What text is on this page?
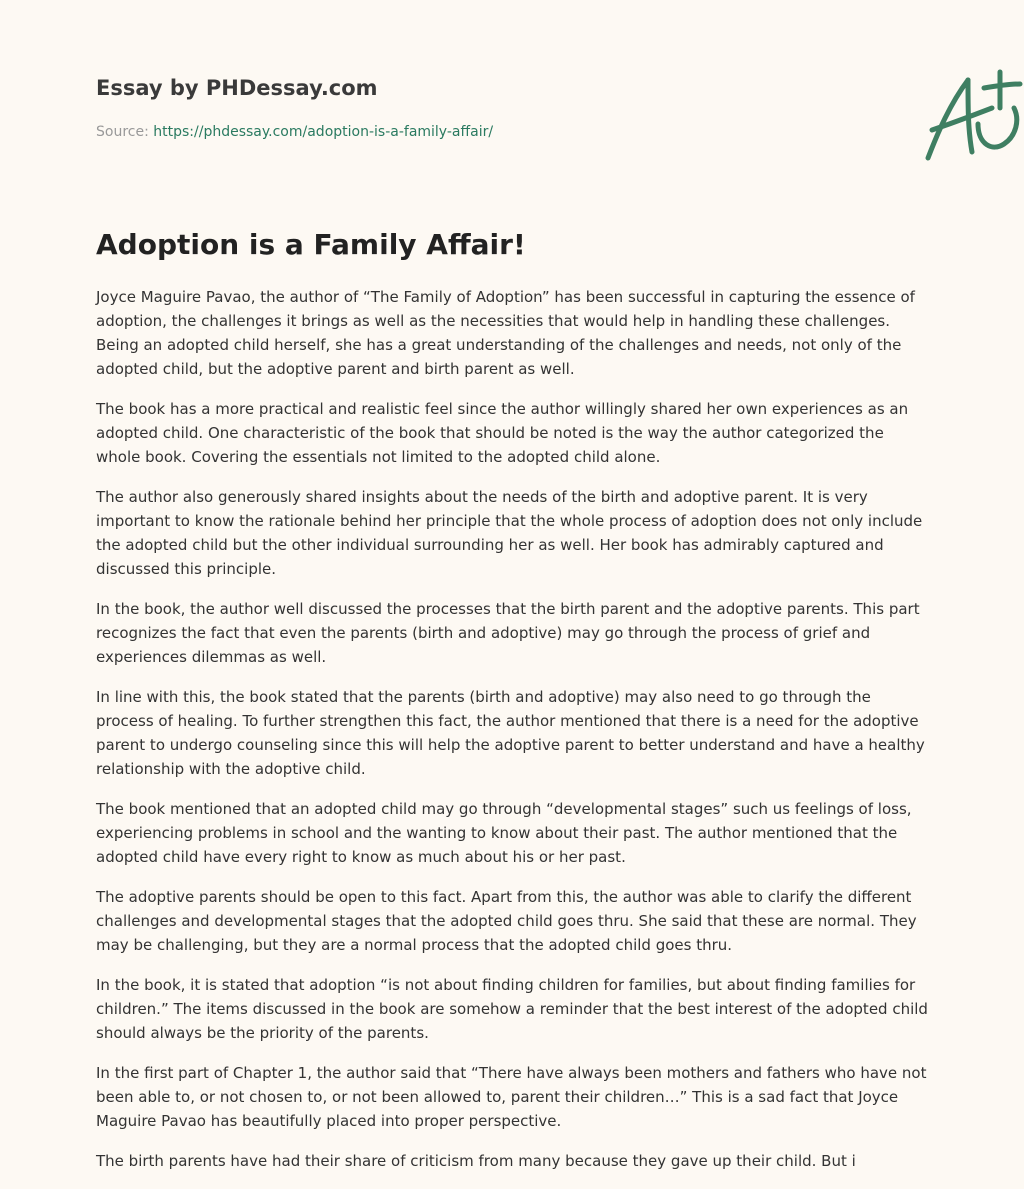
Essay by PHDessay.com
Source: https://phdessay.com/adoption-is-a-family-affair/
Adoption is a Family Affair!

Joyce Maguire Pavao, the author of “The Family of Adoption” has been successful in capturing the essence of adoption, the challenges it brings as well as the necessities that would help in handling these challenges. Being an adopted child herself, she has a great understanding of the challenges and needs, not only of the adopted child, but the adoptive parent and birth parent as well.

The book has a more practical and realistic feel since the author willingly shared her own experiences as an adopted child. One characteristic of the book that should be noted is the way the author categorized the whole book. Covering the essentials not limited to the adopted child alone.

The author also generously shared insights about the needs of the birth and adoptive parent. It is very important to know the rationale behind her principle that the whole process of adoption does not only include the adopted child but the other individual surrounding her as well. Her book has admirably captured and discussed this principle.

In the book, the author well discussed the processes that the birth parent and the adoptive parents. This part recognizes the fact that even the parents (birth and adoptive) may go through the process of grief and experiences dilemmas as well.

In line with this, the book stated that the parents (birth and adoptive) may also need to go through the process of healing. To further strengthen this fact, the author mentioned that there is a need for the adoptive parent to undergo counseling since this will help the adoptive parent to better understand and have a healthy relationship with the adoptive child.

The book mentioned that an adopted child may go through “developmental stages” such us feelings of loss, experiencing problems in school and the wanting to know about their past. The author mentioned that the adopted child have every right to know as much about his or her past.

The adoptive parents should be open to this fact. Apart from this, the author was able to clarify the different challenges and developmental stages that the adopted child goes thru. She said that these are normal. They may be challenging, but they are a normal process that the adopted child goes thru.

In the book, it is stated that adoption “is not about finding children for families, but about finding families for children.” The items discussed in the book are somehow a reminder that the best interest of the adopted child should always be the priority of the parents.

In the first part of Chapter 1, the author said that “There have always been mothers and fathers who have not been able to, or not chosen to, or not been allowed to, parent their children…” This is a sad fact that Joyce Maguire Pavao has beautifully placed into proper perspective.

The birth parents have had their share of criticism from many because they gave up their child. But i
